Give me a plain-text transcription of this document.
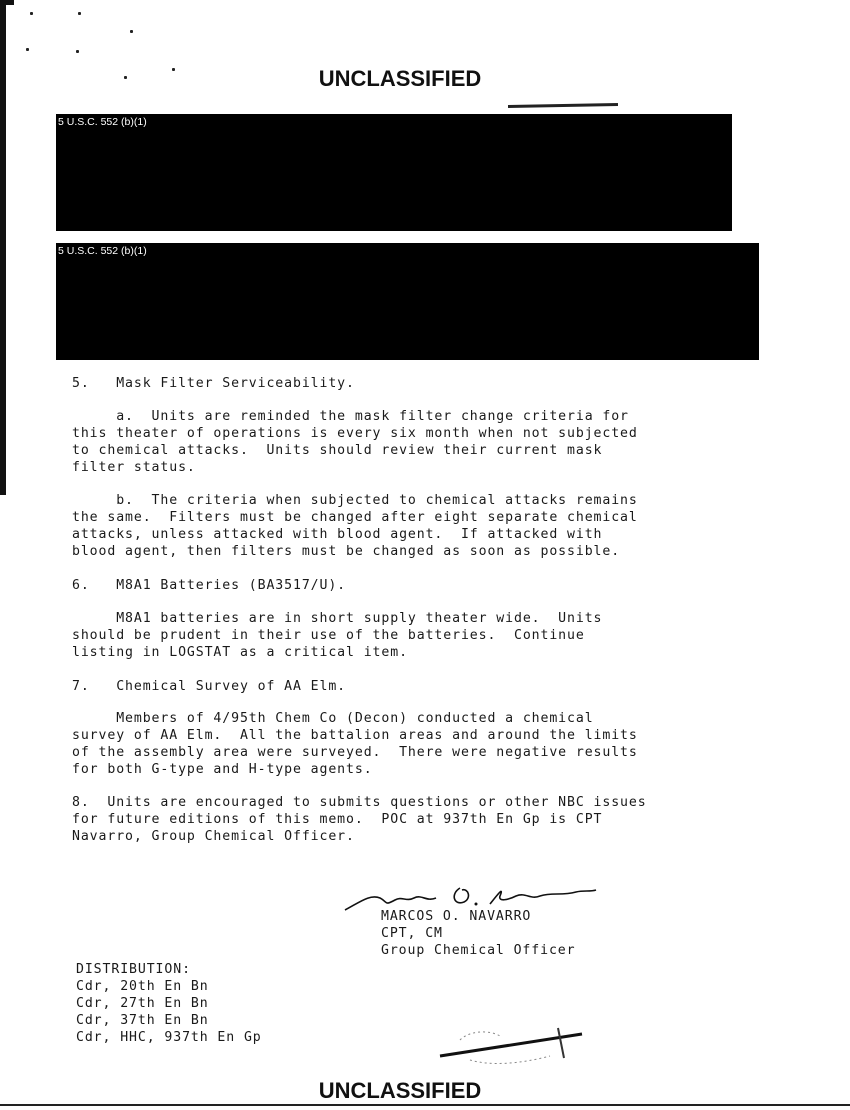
UNCLASSIFIED
5 U.S.C. 552 (b)(1)
5 U.S.C. 552 (b)(1)
5.   Mask Filter Serviceability.
a.  Units are reminded the mask filter change criteria for
this theater of operations is every six month when not subjected
to chemical attacks.  Units should review their current mask
filter status.
b.  The criteria when subjected to chemical attacks remains
the same.  Filters must be changed after eight separate chemical
attacks, unless attacked with blood agent.  If attacked with
blood agent, then filters must be changed as soon as possible.
6.   M8A1 Batteries (BA3517/U).
M8A1 batteries are in short supply theater wide.  Units
should be prudent in their use of the batteries.  Continue
listing in LOGSTAT as a critical item.
7.   Chemical Survey of AA Elm.
Members of 4/95th Chem Co (Decon) conducted a chemical
survey of AA Elm.  All the battalion areas and around the limits
of the assembly area were surveyed.  There were negative results
for both G-type and H-type agents.
8.  Units are encouraged to submits questions or other NBC issues
for future editions of this memo.  POC at 937th En Gp is CPT
Navarro, Group Chemical Officer.
MARCOS O. NAVARRO
CPT, CM
Group Chemical Officer
DISTRIBUTION:
Cdr, 20th En Bn
Cdr, 27th En Bn
Cdr, 37th En Bn
Cdr, HHC, 937th En Gp
UNCLASSIFIED
